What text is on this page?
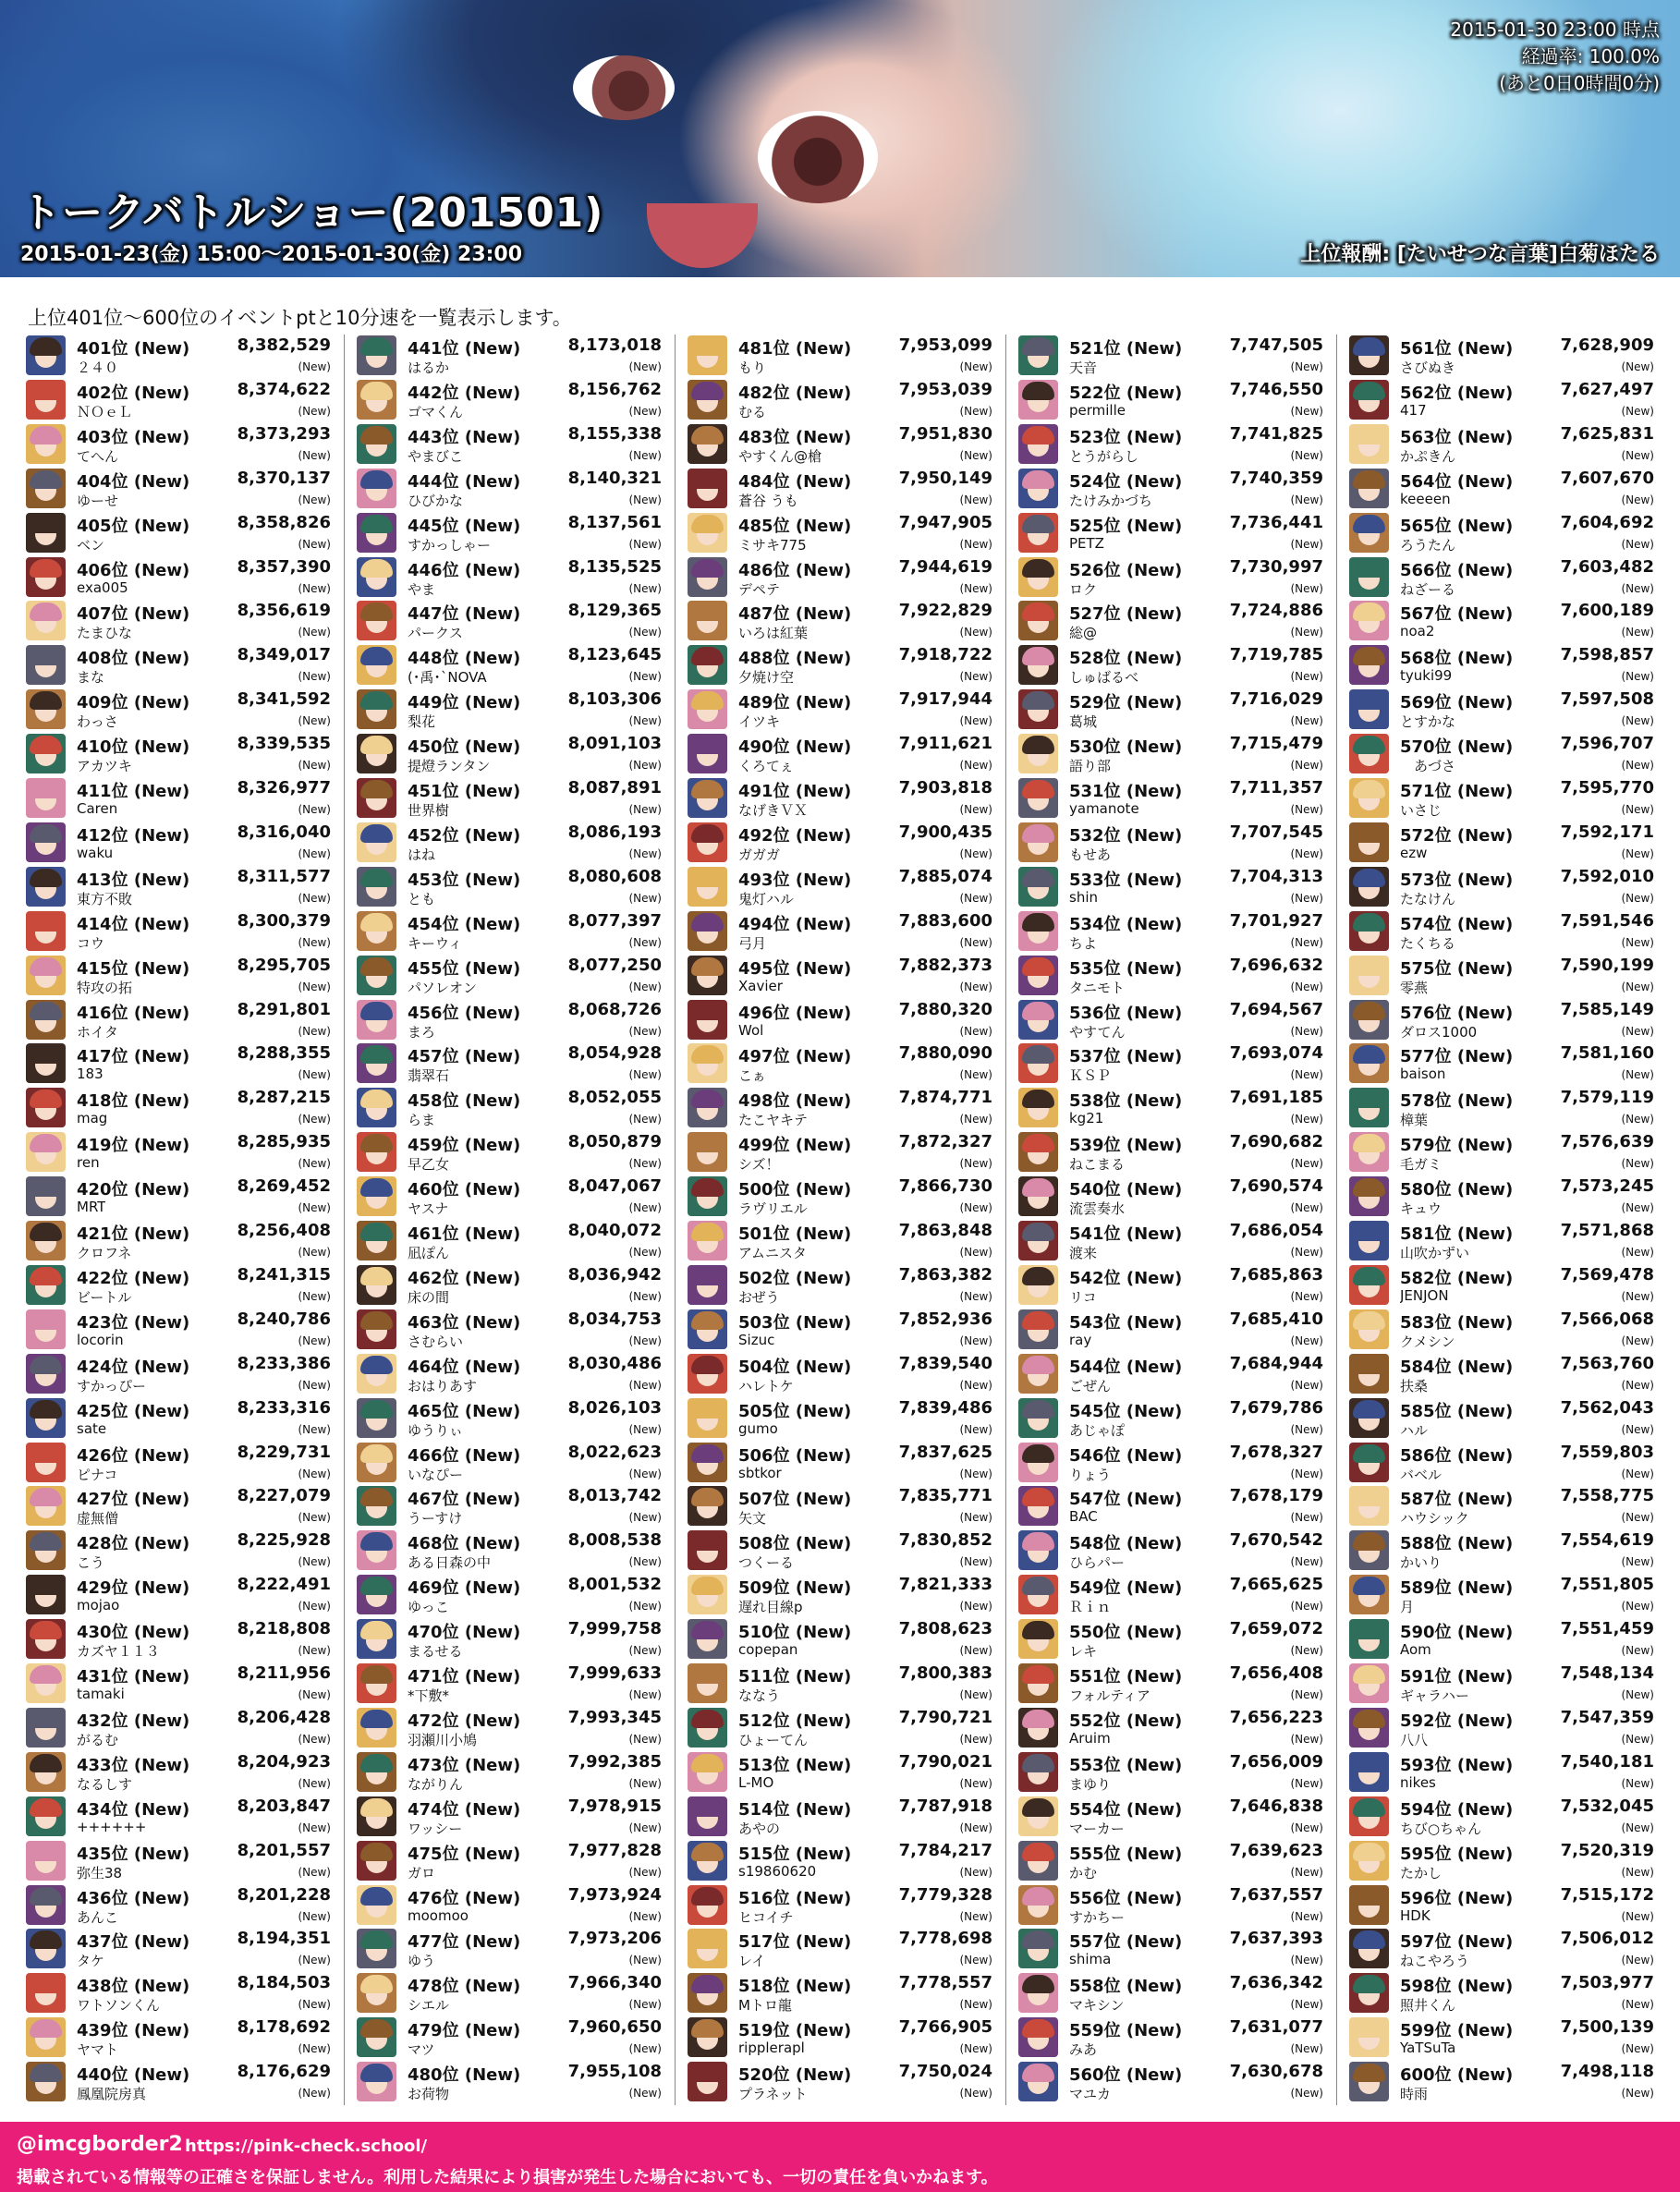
トークバトルショー(201501)
2015-01-23(金) 15:00～2015-01-30(金) 23:00	上位報酬: [たいせつな言葉]白菊ほたる
2015-01-30 23:00 時点
経過率: 100.0%
(あと0日0時間0分)
上位401位～600位のイベントptと10分速を一覧表示します。
401位 (New)	8,382,529
２４０	(New)
402位 (New)	8,374,622
ＮＯｅＬ	(New)
403位 (New)	8,373,293
てへん	(New)
404位 (New)	8,370,137
ゆーせ	(New)
405位 (New)	8,358,826
ベン	(New)
406位 (New)	8,357,390
exa005	(New)
407位 (New)	8,356,619
たまひな	(New)
408位 (New)	8,349,017
まな	(New)
409位 (New)	8,341,592
わっさ	(New)
410位 (New)	8,339,535
アカツキ	(New)
411位 (New)	8,326,977
Caren	(New)
412位 (New)	8,316,040
waku	(New)
413位 (New)	8,311,577
東方不敗	(New)
414位 (New)	8,300,379
コウ	(New)
415位 (New)	8,295,705
特攻の拓	(New)
416位 (New)	8,291,801
ホイタ	(New)
417位 (New)	8,288,355
183	(New)
418位 (New)	8,287,215
mag	(New)
419位 (New)	8,285,935
ren	(New)
420位 (New)	8,269,452
MRT	(New)
421位 (New)	8,256,408
クロフネ	(New)
422位 (New)	8,241,315
ビートル	(New)
423位 (New)	8,240,786
locorin	(New)
424位 (New)	8,233,386
すかっぴー	(New)
425位 (New)	8,233,316
sate	(New)
426位 (New)	8,229,731
ピナコ	(New)
427位 (New)	8,227,079
虚無僧	(New)
428位 (New)	8,225,928
こう	(New)
429位 (New)	8,222,491
mojao	(New)
430位 (New)	8,218,808
カズヤ１１３	(New)
431位 (New)	8,211,956
tamaki	(New)
432位 (New)	8,206,428
がるむ	(New)
433位 (New)	8,204,923
なるしす	(New)
434位 (New)	8,203,847
++++++	(New)
435位 (New)	8,201,557
弥生38	(New)
436位 (New)	8,201,228
あんこ	(New)
437位 (New)	8,194,351
タケ	(New)
438位 (New)	8,184,503
ワトソンくん	(New)
439位 (New)	8,178,692
ヤマト	(New)
440位 (New)	8,176,629
鳳凰院房真	(New)
441位 (New)	8,173,018
はるか	(New)
442位 (New)	8,156,762
ゴマくん	(New)
443位 (New)	8,155,338
やまびこ	(New)
444位 (New)	8,140,321
ひびかな	(New)
445位 (New)	8,137,561
すかっしゃー	(New)
446位 (New)	8,135,525
やま	(New)
447位 (New)	8,129,365
パークス	(New)
448位 (New)	8,123,645
(･禹･`NOVA	(New)
449位 (New)	8,103,306
梨花	(New)
450位 (New)	8,091,103
提燈ランタン	(New)
451位 (New)	8,087,891
世界樹	(New)
452位 (New)	8,086,193
はね	(New)
453位 (New)	8,080,608
とも	(New)
454位 (New)	8,077,397
キーウィ	(New)
455位 (New)	8,077,250
パソレオン	(New)
456位 (New)	8,068,726
まろ	(New)
457位 (New)	8,054,928
翡翠石	(New)
458位 (New)	8,052,055
らま	(New)
459位 (New)	8,050,879
早乙女	(New)
460位 (New)	8,047,067
ヤスナ	(New)
461位 (New)	8,040,072
凪ぽん	(New)
462位 (New)	8,036,942
床の間	(New)
463位 (New)	8,034,753
さむらい	(New)
464位 (New)	8,030,486
おはりあす	(New)
465位 (New)	8,026,103
ゆうりぃ	(New)
466位 (New)	8,022,623
いなぴー	(New)
467位 (New)	8,013,742
うーすけ	(New)
468位 (New)	8,008,538
ある日森の中	(New)
469位 (New)	8,001,532
ゆっこ	(New)
470位 (New)	7,999,758
まるせる	(New)
471位 (New)	7,999,633
*下敷*	(New)
472位 (New)	7,993,345
羽瀬川小鳩	(New)
473位 (New)	7,992,385
ながりん	(New)
474位 (New)	7,978,915
ワッシー	(New)
475位 (New)	7,977,828
ガロ	(New)
476位 (New)	7,973,924
moomoo	(New)
477位 (New)	7,973,206
ゆう	(New)
478位 (New)	7,966,340
シエル	(New)
479位 (New)	7,960,650
マツ	(New)
480位 (New)	7,955,108
お荷物	(New)
481位 (New)	7,953,099
もり	(New)
482位 (New)	7,953,039
むる	(New)
483位 (New)	7,951,830
やすくん@槍	(New)
484位 (New)	7,950,149
蒼谷 うも	(New)
485位 (New)	7,947,905
ミサキ775	(New)
486位 (New)	7,944,619
デペテ	(New)
487位 (New)	7,922,829
いろは紅葉	(New)
488位 (New)	7,918,722
夕焼け空	(New)
489位 (New)	7,917,944
イツキ	(New)
490位 (New)	7,911,621
くろてぇ	(New)
491位 (New)	7,903,818
なげきＶＸ	(New)
492位 (New)	7,900,435
ガガガ	(New)
493位 (New)	7,885,074
鬼灯ハル	(New)
494位 (New)	7,883,600
弓月	(New)
495位 (New)	7,882,373
Xavier	(New)
496位 (New)	7,880,320
Wol	(New)
497位 (New)	7,880,090
こぁ	(New)
498位 (New)	7,874,771
たこヤキテ	(New)
499位 (New)	7,872,327
シズ！	(New)
500位 (New)	7,866,730
ラヴリエル	(New)
501位 (New)	7,863,848
アムニスタ	(New)
502位 (New)	7,863,382
おぜう	(New)
503位 (New)	7,852,936
Sizuc	(New)
504位 (New)	7,839,540
ハレトケ	(New)
505位 (New)	7,839,486
gumo	(New)
506位 (New)	7,837,625
sbtkor	(New)
507位 (New)	7,835,771
矢文	(New)
508位 (New)	7,830,852
つくーる	(New)
509位 (New)	7,821,333
遅れ目線p	(New)
510位 (New)	7,808,623
copepan	(New)
511位 (New)	7,800,383
ななう	(New)
512位 (New)	7,790,721
ひょーてん	(New)
513位 (New)	7,790,021
L-MO	(New)
514位 (New)	7,787,918
あやの	(New)
515位 (New)	7,784,217
s19860620	(New)
516位 (New)	7,779,328
ヒコイチ	(New)
517位 (New)	7,778,698
レイ	(New)
518位 (New)	7,778,557
Mトロ龍	(New)
519位 (New)	7,766,905
ripplerapl	(New)
520位 (New)	7,750,024
プラネット	(New)
521位 (New)	7,747,505
天音	(New)
522位 (New)	7,746,550
permille	(New)
523位 (New)	7,741,825
とうがらし	(New)
524位 (New)	7,740,359
たけみかづち	(New)
525位 (New)	7,736,441
PETZ	(New)
526位 (New)	7,730,997
ロク	(New)
527位 (New)	7,724,886
総@	(New)
528位 (New)	7,719,785
しゅばるべ	(New)
529位 (New)	7,716,029
葛城	(New)
530位 (New)	7,715,479
語り部	(New)
531位 (New)	7,711,357
yamanote	(New)
532位 (New)	7,707,545
もせあ	(New)
533位 (New)	7,704,313
shin	(New)
534位 (New)	7,701,927
ちよ	(New)
535位 (New)	7,696,632
タニモト	(New)
536位 (New)	7,694,567
やすてん	(New)
537位 (New)	7,693,074
ＫＳＰ	(New)
538位 (New)	7,691,185
kg21	(New)
539位 (New)	7,690,682
ねこまる	(New)
540位 (New)	7,690,574
流雲奏水	(New)
541位 (New)	7,686,054
渡来	(New)
542位 (New)	7,685,863
リコ	(New)
543位 (New)	7,685,410
ray	(New)
544位 (New)	7,684,944
ごぜん	(New)
545位 (New)	7,679,786
あじゃぽ	(New)
546位 (New)	7,678,327
りょう	(New)
547位 (New)	7,678,179
BAC	(New)
548位 (New)	7,670,542
ひらパー	(New)
549位 (New)	7,665,625
Ｒｉｎ	(New)
550位 (New)	7,659,072
レキ	(New)
551位 (New)	7,656,408
フォルティア	(New)
552位 (New)	7,656,223
Aruim	(New)
553位 (New)	7,656,009
まゆり	(New)
554位 (New)	7,646,838
マーカー	(New)
555位 (New)	7,639,623
かむ	(New)
556位 (New)	7,637,557
すかちー	(New)
557位 (New)	7,637,393
shima	(New)
558位 (New)	7,636,342
マキシン	(New)
559位 (New)	7,631,077
みあ	(New)
560位 (New)	7,630,678
マユカ	(New)
561位 (New)	7,628,909
さびぬき	(New)
562位 (New)	7,627,497
417	(New)
563位 (New)	7,625,831
かぷきん	(New)
564位 (New)	7,607,670
keeeen	(New)
565位 (New)	7,604,692
ろうたん	(New)
566位 (New)	7,603,482
ねざーる	(New)
567位 (New)	7,600,189
noa2	(New)
568位 (New)	7,598,857
tyuki99	(New)
569位 (New)	7,597,508
とすかな	(New)
570位 (New)	7,596,707
　あづさ	(New)
571位 (New)	7,595,770
いさじ	(New)
572位 (New)	7,592,171
ezw	(New)
573位 (New)	7,592,010
たなけん	(New)
574位 (New)	7,591,546
たくちる	(New)
575位 (New)	7,590,199
零燕	(New)
576位 (New)	7,585,149
ダロス1000	(New)
577位 (New)	7,581,160
baison	(New)
578位 (New)	7,579,119
樟葉	(New)
579位 (New)	7,576,639
毛ガミ	(New)
580位 (New)	7,573,245
キュウ	(New)
581位 (New)	7,571,868
山吹かずい	(New)
582位 (New)	7,569,478
JENJON	(New)
583位 (New)	7,566,068
クメシン	(New)
584位 (New)	7,563,760
扶桑	(New)
585位 (New)	7,562,043
ハル	(New)
586位 (New)	7,559,803
バベル	(New)
587位 (New)	7,558,775
ハウシック	(New)
588位 (New)	7,554,619
かいり	(New)
589位 (New)	7,551,805
月	(New)
590位 (New)	7,551,459
Aom	(New)
591位 (New)	7,548,134
ギャラハー	(New)
592位 (New)	7,547,359
八八	(New)
593位 (New)	7,540,181
nikes	(New)
594位 (New)	7,532,045
ちび○ちゃん	(New)
595位 (New)	7,520,319
たかし	(New)
596位 (New)	7,515,172
HDK	(New)
597位 (New)	7,506,012
ねこやろう	(New)
598位 (New)	7,503,977
照井くん	(New)
599位 (New)	7,500,139
YaTSuTa	(New)
600位 (New)	7,498,118
時雨	(New)
@imcgborder2 https://pink-check.school/
掲載されている情報等の正確さを保証しません。利用した結果により損害が発生した場合においても、一切の責任を負いかねます。
